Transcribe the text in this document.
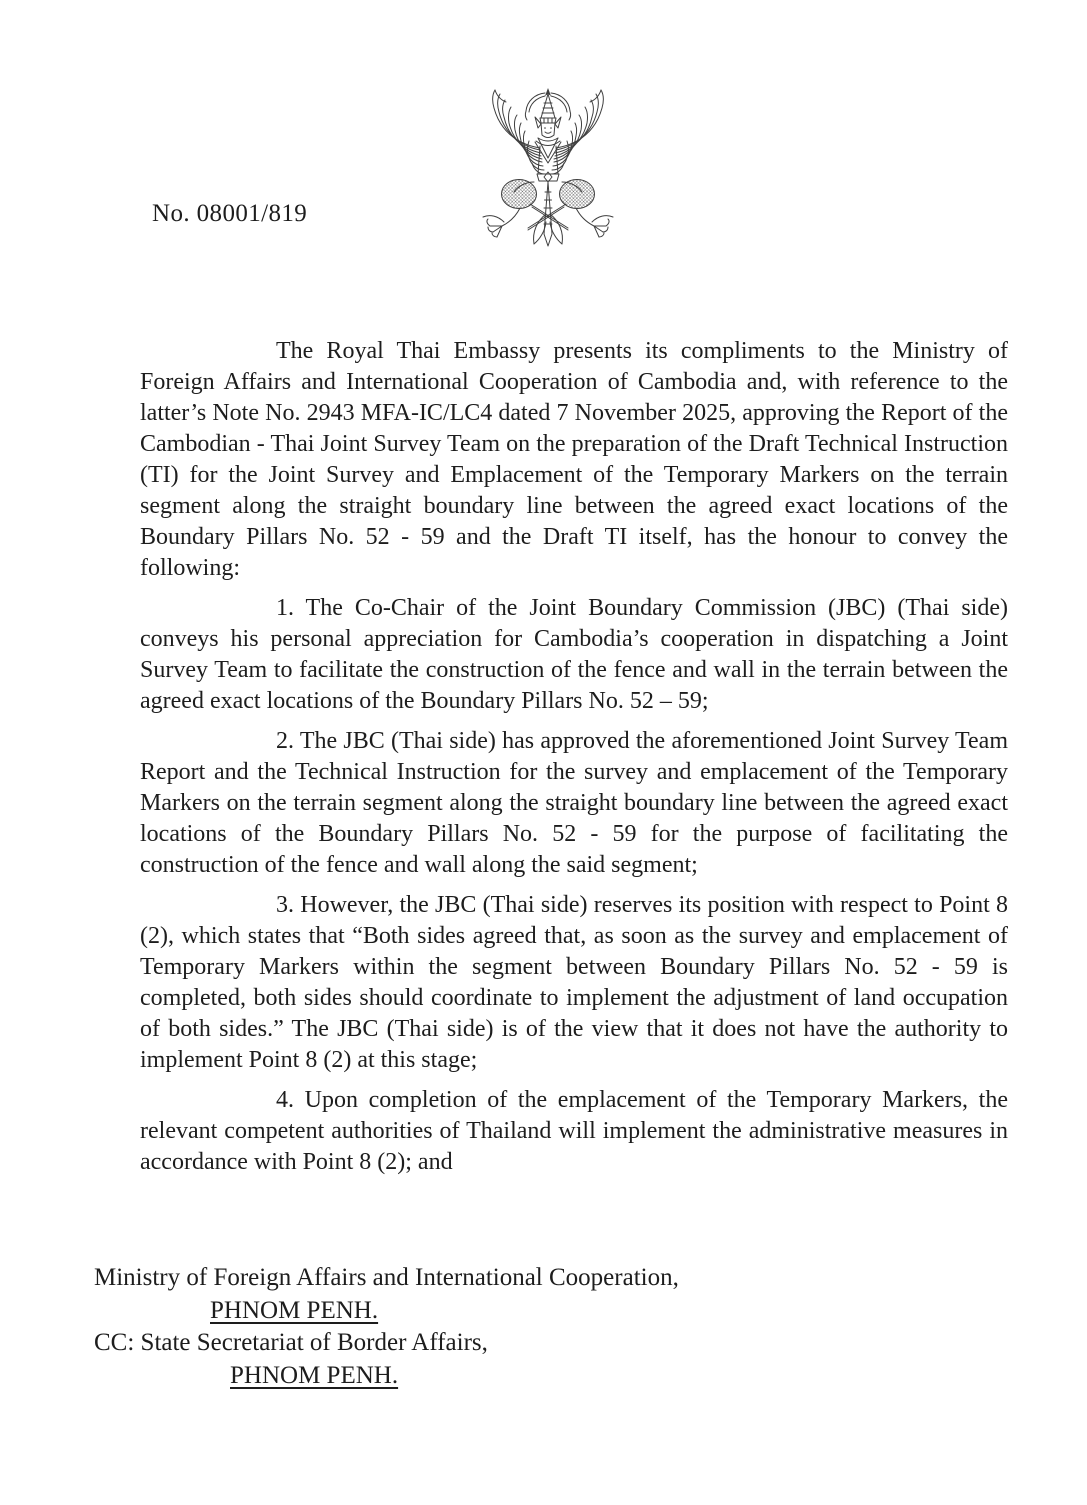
No. 08001/819

The Royal Thai Embassy presents its compliments to the Ministry of Foreign Affairs and International Cooperation of Cambodia and, with reference to the latter’s Note No. 2943 MFA-IC/LC4 dated 7 November 2025, approving the Report of the Cambodian - Thai Joint Survey Team on the preparation of the Draft Technical Instruction (TI) for the Joint Survey and Emplacement of the Temporary Markers on the terrain segment along the straight boundary line between the agreed exact locations of the Boundary Pillars No. 52 - 59 and the Draft TI itself, has the honour to convey the following:

1. The Co-Chair of the Joint Boundary Commission (JBC) (Thai side) conveys his personal appreciation for Cambodia’s cooperation in dispatching a Joint Survey Team to facilitate the construction of the fence and wall in the terrain between the agreed exact locations of the Boundary Pillars No. 52 – 59;

2. The JBC (Thai side) has approved the aforementioned Joint Survey Team Report and the Technical Instruction for the survey and emplacement of the Temporary Markers on the terrain segment along the straight boundary line between the agreed exact locations of the Boundary Pillars No. 52 - 59 for the purpose of facilitating the construction of the fence and wall along the said segment;

3. However, the JBC (Thai side) reserves its position with respect to Point 8 (2), which states that “Both sides agreed that, as soon as the survey and emplacement of Temporary Markers within the segment between Boundary Pillars No. 52 - 59 is completed, both sides should coordinate to implement the adjustment of land occupation of both sides.” The JBC (Thai side) is of the view that it does not have the authority to implement Point 8 (2) at this stage;

4. Upon completion of the emplacement of the Temporary Markers, the relevant competent authorities of Thailand will implement the administrative measures in accordance with Point 8 (2); and

Ministry of Foreign Affairs and International Cooperation,
PHNOM PENH.
CC: State Secretariat of Border Affairs,
PHNOM PENH.
